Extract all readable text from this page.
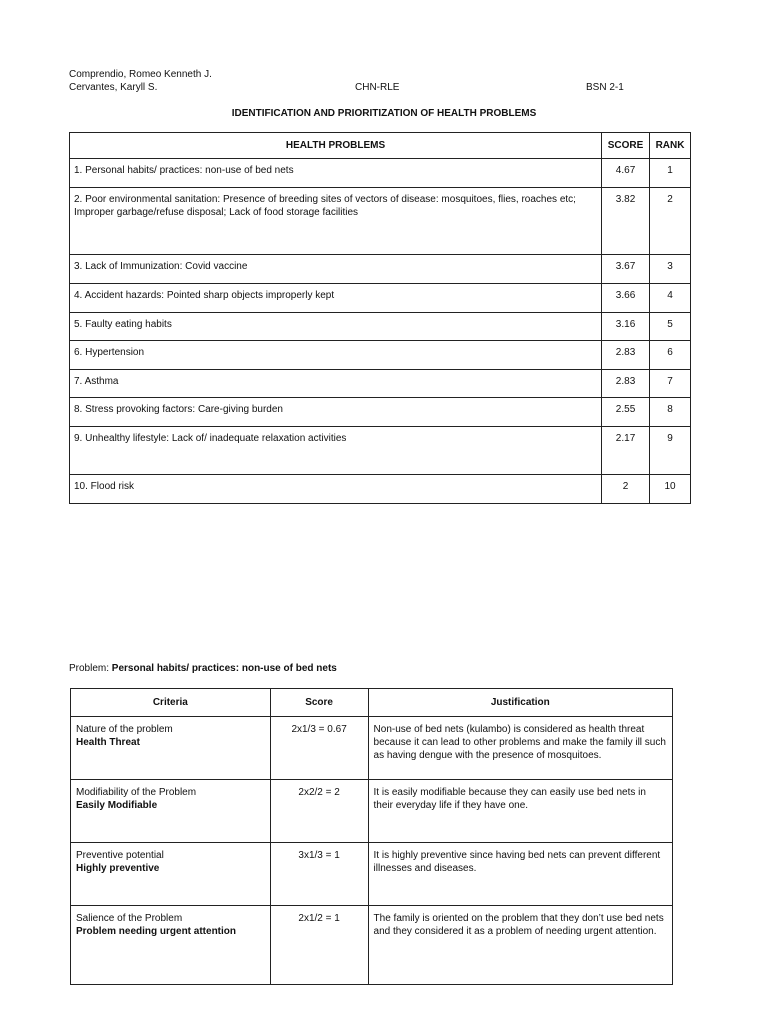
Comprendio, Romeo Kenneth J.
Cervantes, Karyll S.	CHN-RLE	BSN 2-1
IDENTIFICATION AND PRIORITIZATION OF HEALTH PROBLEMS
HEALTH PROBLEMS	SCORE	RANK
1. Personal habits/ practices: non-use of bed nets	4.67	1
2. Poor environmental sanitation: Presence of breeding sites of vectors of disease: mosquitoes, flies, roaches etc; Improper garbage/refuse disposal; Lack of food storage facilities	3.82	2
3. Lack of Immunization: Covid vaccine	3.67	3
4. Accident hazards: Pointed sharp objects improperly kept	3.66	4
5. Faulty eating habits	3.16	5
6. Hypertension	2.83	6
7. Asthma	2.83	7
8. Stress provoking factors: Care-giving burden	2.55	8
9. Unhealthy lifestyle: Lack of/ inadequate relaxation activities	2.17	9
10. Flood risk	2	10
Problem: Personal habits/ practices: non-use of bed nets
Criteria	Score	Justification

Nature of the problem
Health Threat	2x1/3 = 0.67	Non-use of bed nets (kulambo) is considered as health threat because it can lead to other problems and make the family ill such as having dengue with the presence of mosquitoes.

Modifiability of the Problem
Easily Modifiable	2x2/2 = 2	It is easily modifiable because they can easily use bed nets in their everyday life if they have one.

Preventive potential
Highly preventive	3x1/3 = 1	It is highly preventive since having bed nets can prevent different illnesses and diseases.

Salience of the Problem
Problem needing urgent attention	2x1/2 = 1	The family is oriented on the problem that they don’t use bed nets and they considered it as a problem of needing urgent attention.
